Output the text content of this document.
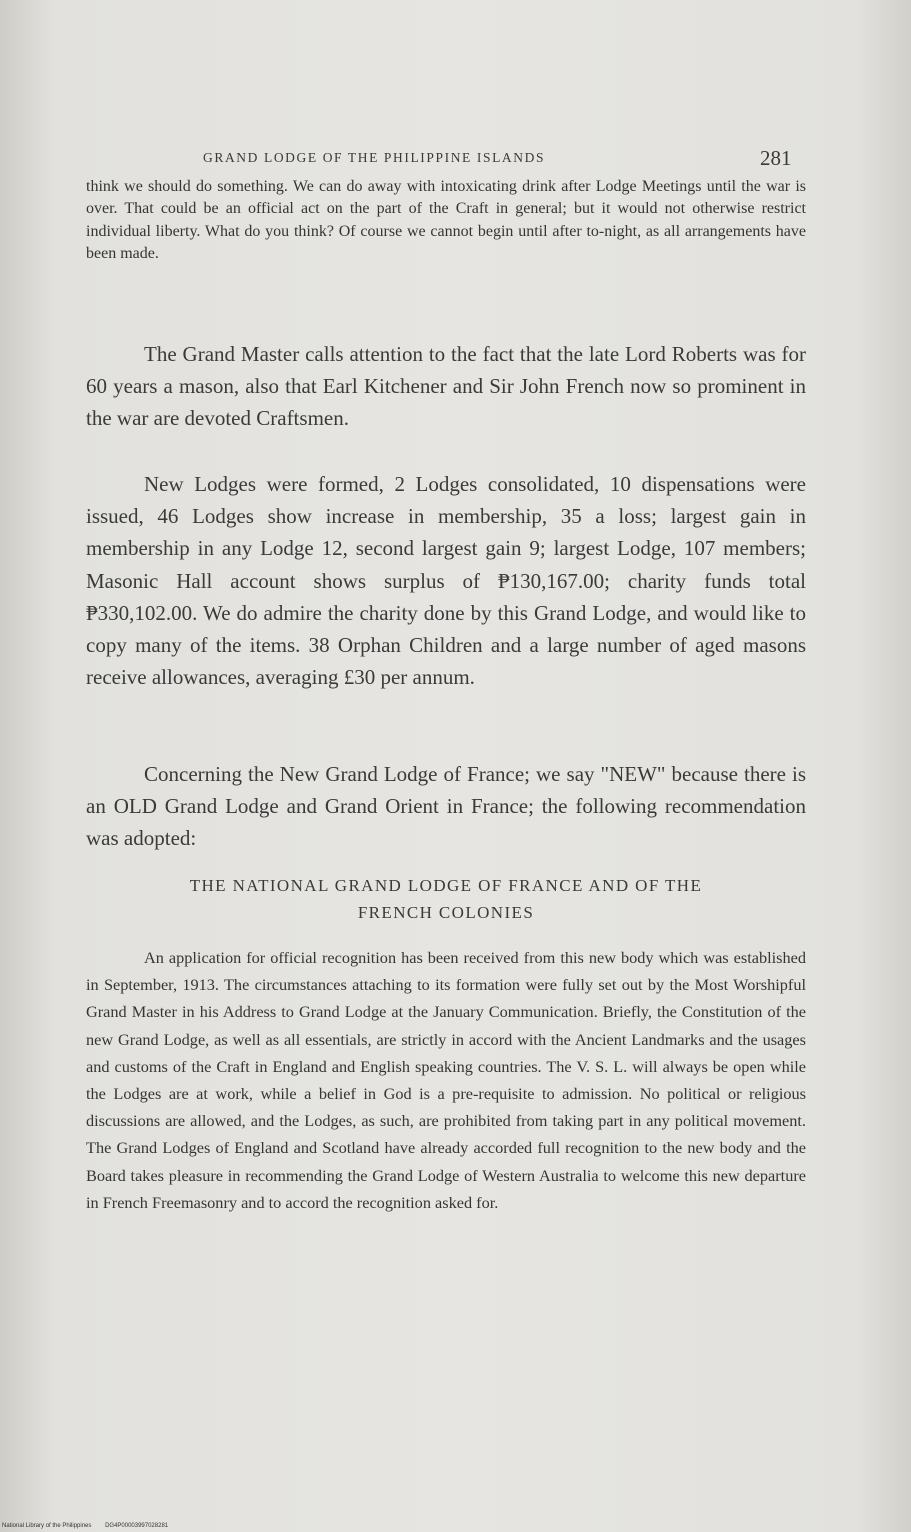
GRAND LODGE OF THE PHILIPPINE ISLANDS	281

think we should do something. We can do away with intoxicating drink after Lodge Meetings until the war is over. That could be an official act on the part of the Craft in general; but it would not otherwise restrict individual liberty. What do you think? Of course we cannot begin until after to-night, as all arrangements have been made.

The Grand Master calls attention to the fact that the late Lord Roberts was for 60 years a mason, also that Earl Kitchener and Sir John French now so prominent in the war are devoted Craftsmen.

New Lodges were formed, 2 Lodges consolidated, 10 dispensations were issued, 46 Lodges show increase in membership, 35 a loss; largest gain in membership in any Lodge 12, second largest gain 9; largest Lodge, 107 members; Masonic Hall account shows surplus of ₱130,167.00; charity funds total ₱330,102.00. We do admire the charity done by this Grand Lodge, and would like to copy many of the items. 38 Orphan Children and a large number of aged masons receive allowances, averaging £30 per annum.

Concerning the New Grand Lodge of France; we say "NEW" because there is an OLD Grand Lodge and Grand Orient in France; the following recommendation was adopted:

THE NATIONAL GRAND LODGE OF FRANCE AND OF THE
FRENCH COLONIES

An application for official recognition has been received from this new body which was established in September, 1913. The circumstances attaching to its formation were fully set out by the Most Worshipful Grand Master in his Address to Grand Lodge at the January Communication. Briefly, the Constitution of the new Grand Lodge, as well as all essentials, are strictly in accord with the Ancient Landmarks and the usages and customs of the Craft in England and English speaking countries. The V. S. L. will always be open while the Lodges are at work, while a belief in God is a pre-requisite to admission. No political or religious discussions are allowed, and the Lodges, as such, are prohibited from taking part in any political movement. The Grand Lodges of England and Scotland have already accorded full recognition to the new body and the Board takes pleasure in recommending the Grand Lodge of Western Australia to welcome this new departure in French Freemasonry and to accord the recognition asked for.

National Library of the Philippines DG4P00003997028281
